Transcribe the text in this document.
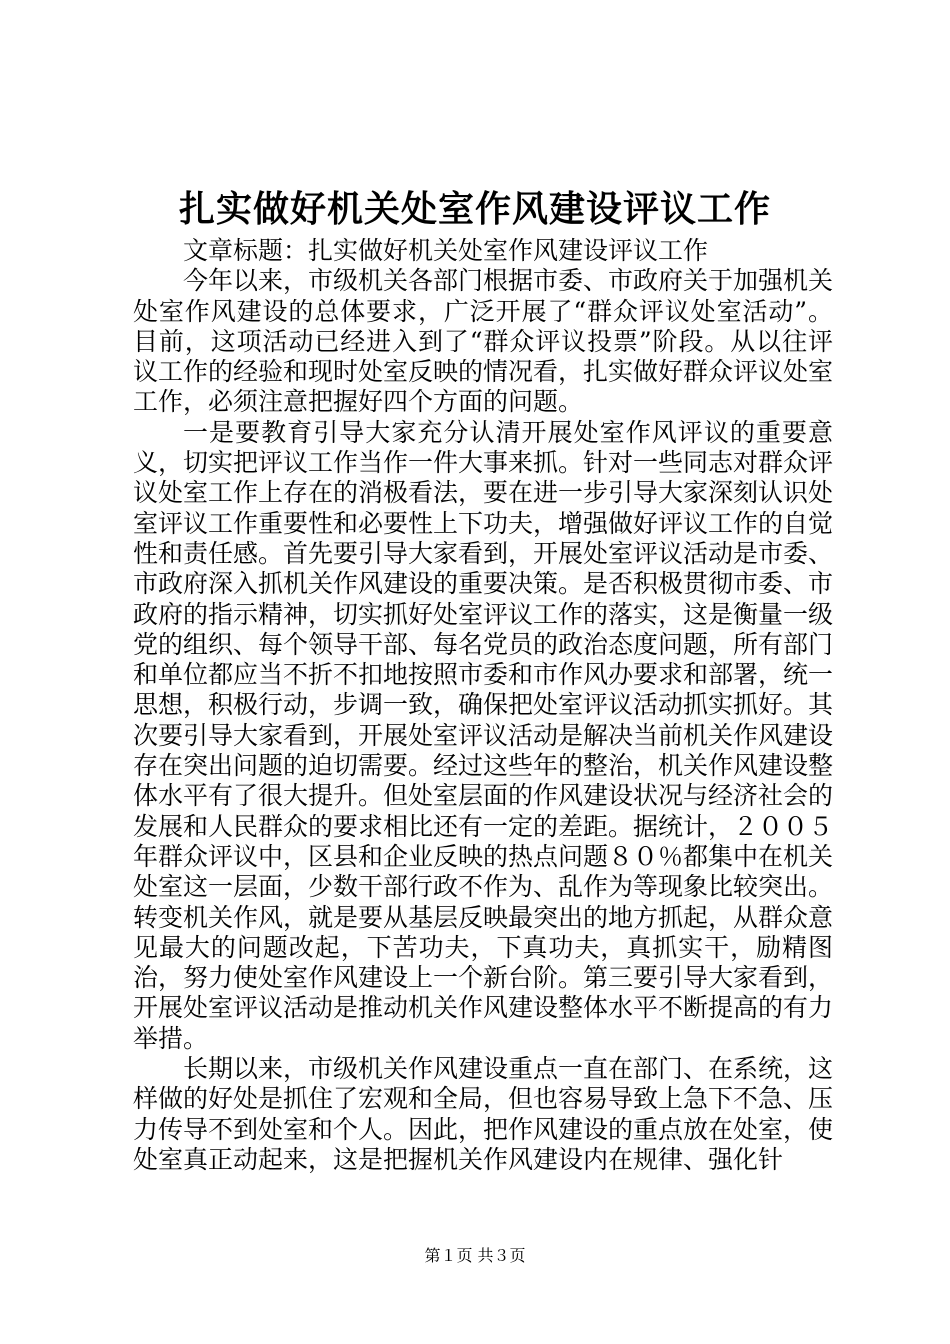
扎实做好机关处室作风建设评议工作

文章标题：扎实做好机关处室作风建设评议工作

今年以来，市级机关各部门根据市委、市政府关于加强机关处室作风建设的总体要求，广泛开展了“群众评议处室活动”。目前，这项活动已经进入到了“群众评议投票”阶段。从以往评议工作的经验和现时处室反映的情况看，扎实做好群众评议处室工作，必须注意把握好四个方面的问题。

一是要教育引导大家充分认清开展处室作风评议的重要意义，切实把评议工作当作一件大事来抓。针对一些同志对群众评议处室工作上存在的消极看法，要在进一步引导大家深刻认识处室评议工作重要性和必要性上下功夫，增强做好评议工作的自觉性和责任感。首先要引导大家看到，开展处室评议活动是市委、市政府深入抓机关作风建设的重要决策。是否积极贯彻市委、市政府的指示精神，切实抓好处室评议工作的落实，这是衡量一级党的组织、每个领导干部、每名党员的政治态度问题，所有部门和单位都应当不折不扣地按照市委和市作风办要求和部署，统一思想，积极行动，步调一致，确保把处室评议活动抓实抓好。其次要引导大家看到，开展处室评议活动是解决当前机关作风建设存在突出问题的迫切需要。经过这些年的整治，机关作风建设整体水平有了很大提升。但处室层面的作风建设状况与经济社会的发展和人民群众的要求相比还有一定的差距。据统计，２００５年群众评议中，区县和企业反映的热点问题８０％都集中在机关处室这一层面，少数干部行政不作为、乱作为等现象比较突出。转变机关作风，就是要从基层反映最突出的地方抓起，从群众意见最大的问题改起，下苦功夫，下真功夫，真抓实干，励精图治，努力使处室作风建设上一个新台阶。第三要引导大家看到，开展处室评议活动是推动机关作风建设整体水平不断提高的有力举措。

长期以来，市级机关作风建设重点一直在部门、在系统，这样做的好处是抓住了宏观和全局，但也容易导致上急下不急、压力传导不到处室和个人。因此，把作风建设的重点放在处室，使处室真正动起来，这是把握机关作风建设内在规律、强化针

第１页 共３页
